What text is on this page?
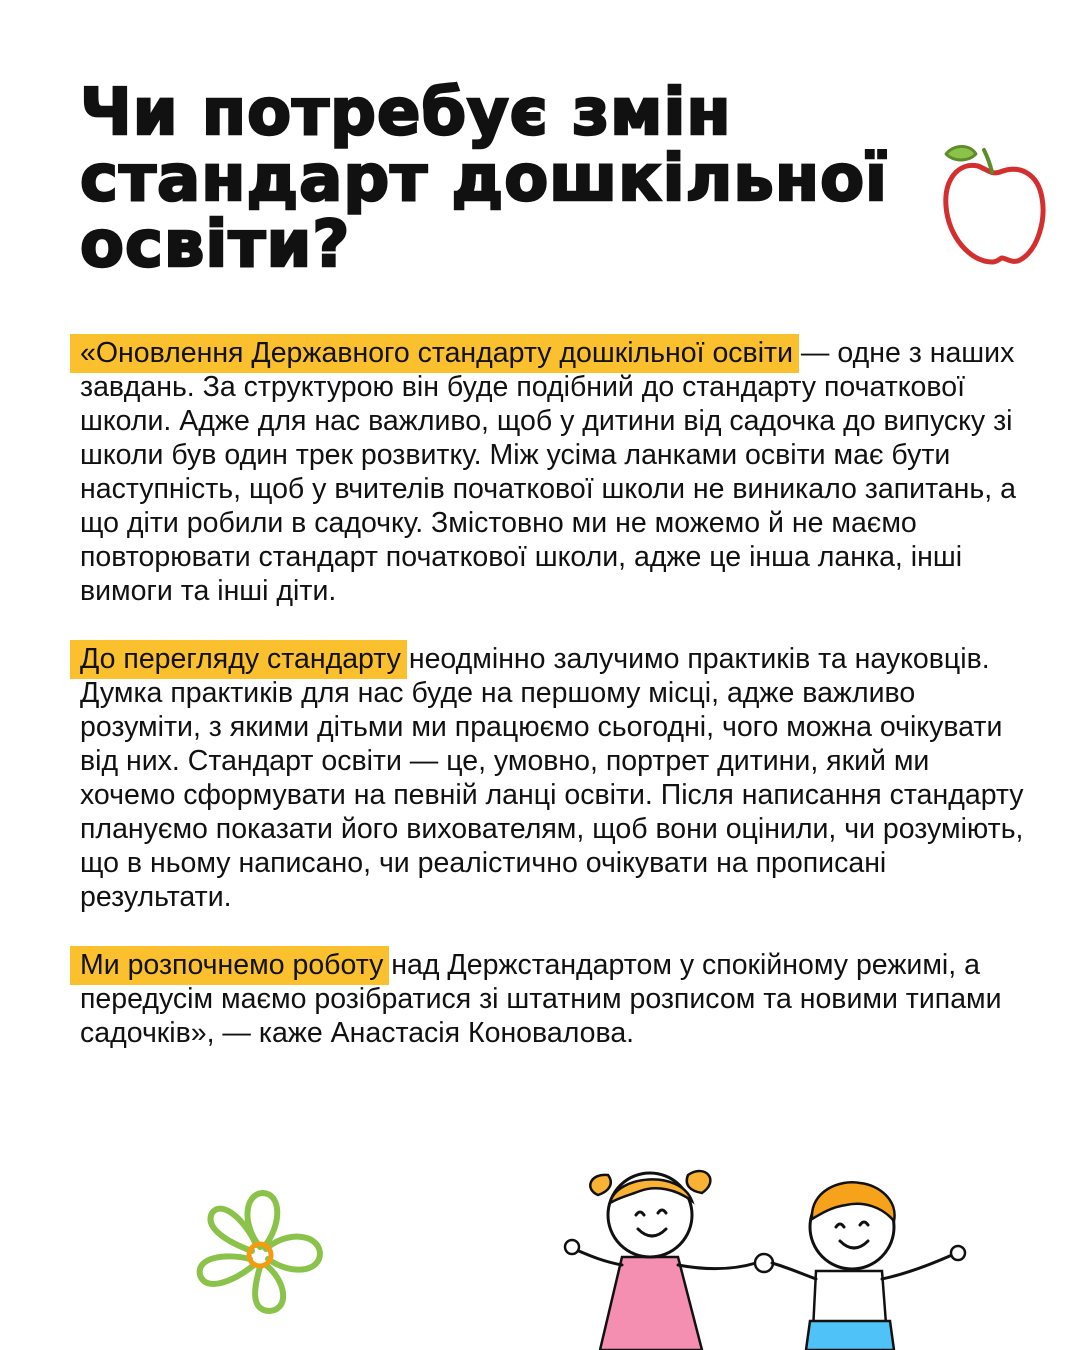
Чи потребує змін
стандарт дошкільної
освіти?

«Оновлення Державного стандарту дошкільної освіти — одне з наших завдань. За структурою він буде подібний до стандарту початкової школи. Адже для нас важливо, щоб у дитини від садочка до випуску зі школи був один трек розвитку. Між усіма ланками освіти має бути наступність, щоб у вчителів початкової школи не виникало запитань, а що діти робили в садочку. Змістовно ми не можемо й не маємо повторювати стандарт початкової школи, адже це інша ланка, інші вимоги та інші діти.

До перегляду стандарту неодмінно залучимо практиків та науковців. Думка практиків для нас буде на першому місці, адже важливо розуміти, з якими дітьми ми працюємо сьогодні, чого можна очікувати від них. Стандарт освіти — це, умовно, портрет дитини, який ми хочемо сформувати на певній ланці освіти. Після написання стандарту плануємо показати його вихователям, щоб вони оцінили, чи розуміють, що в ньому написано, чи реалістично очікувати на прописані результати.

Ми розпочнемо роботу над Держстандартом у спокійному режимі, а передусім маємо розібратися зі штатним розписом та новими типами садочків», — каже Анастасія Коновалова.
